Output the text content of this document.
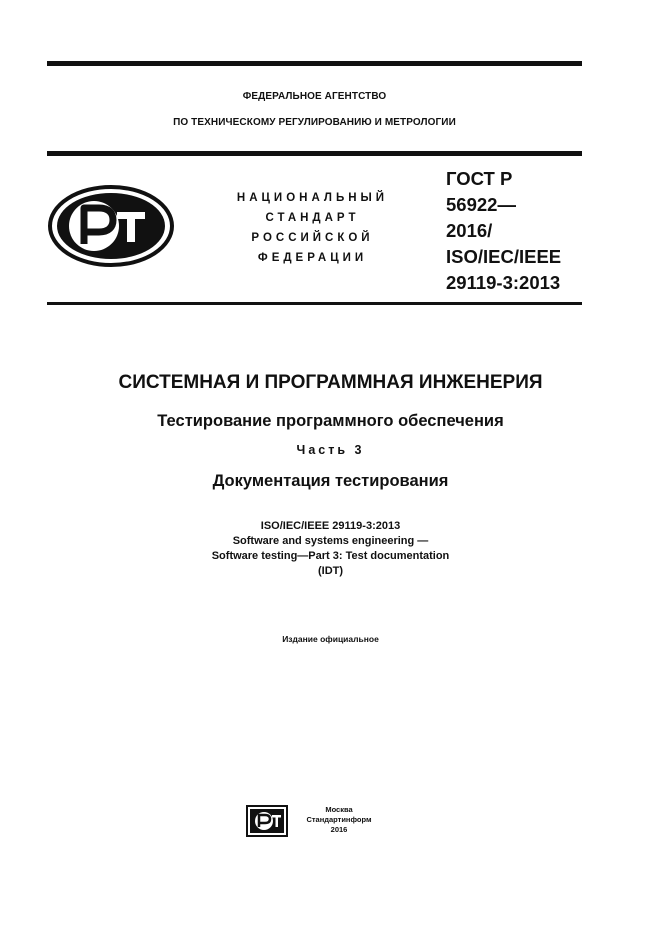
ФЕДЕРАЛЬНОЕ АГЕНТСТВО
ПО ТЕХНИЧЕСКОМУ РЕГУЛИРОВАНИЮ И МЕТРОЛОГИИ
НАЦИОНАЛЬНЫЙ
СТАНДАРТ
РОССИЙСКОЙ
ФЕДЕРАЦИИ
ГОСТ Р
56922—
2016/
ISO/IEC/IEEE
29119-3:2013
СИСТЕМНАЯ И ПРОГРАММНАЯ ИНЖЕНЕРИЯ
Тестирование программного обеспечения
Часть 3
Документация тестирования
ISO/IEC/IEEE 29119-3:2013
Software and systems engineering —
Software testing—Part 3: Test documentation
(IDT)
Издание официальное
Москва
Стандартинформ
2016
